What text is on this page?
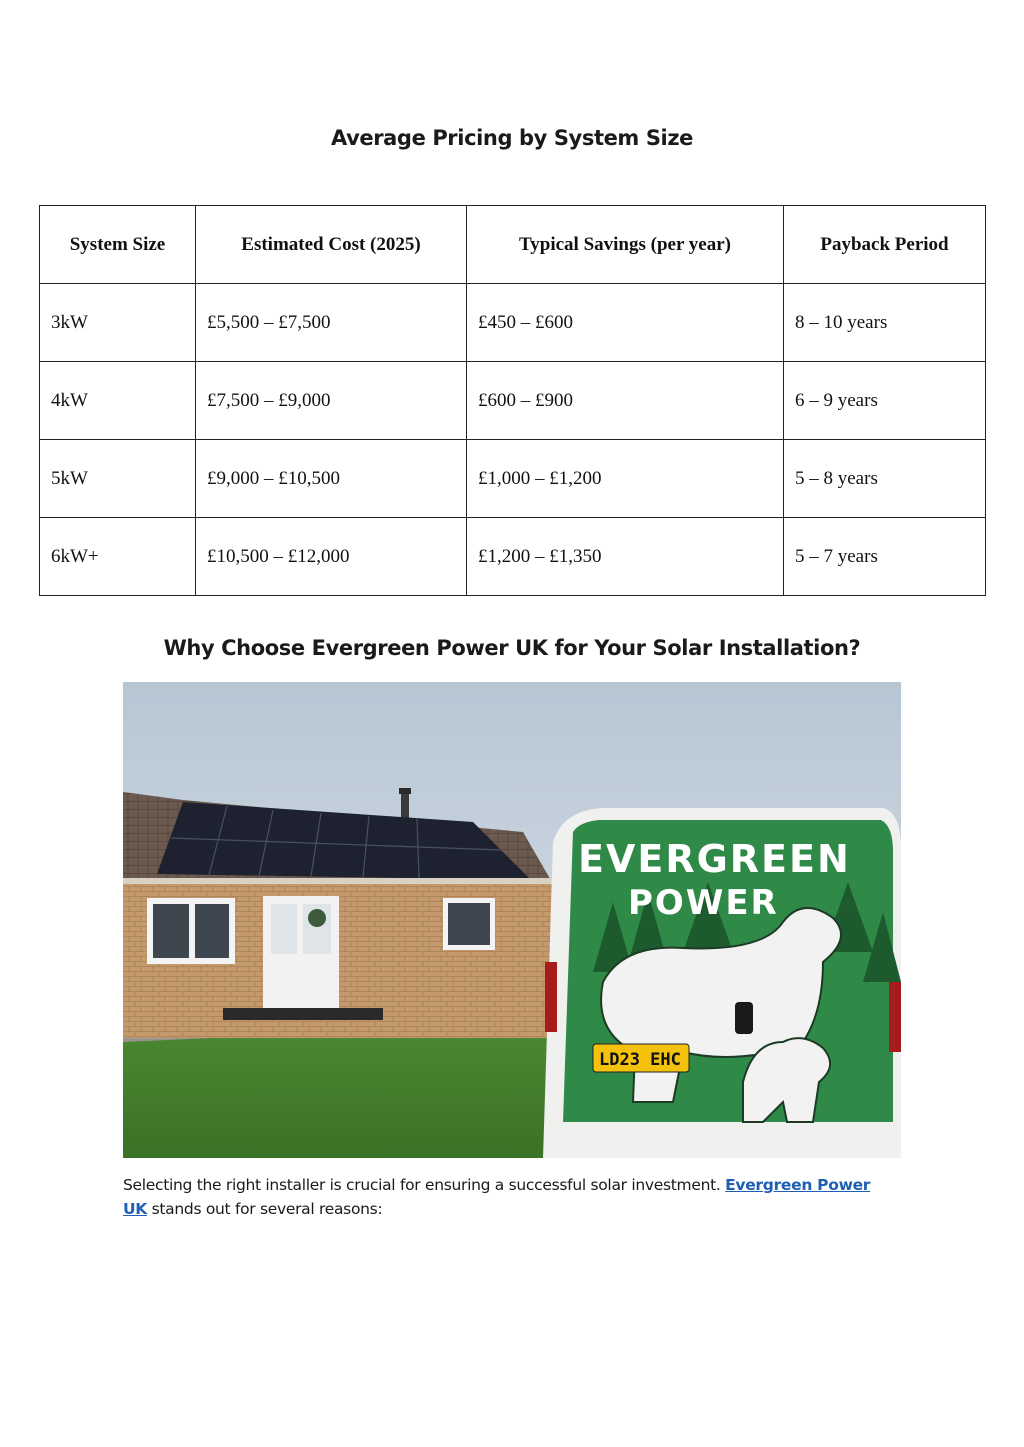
Average Pricing by System Size
System Size	Estimated Cost (2025)	Typical Savings (per year)	Payback Period
3kW	£5,500 – £7,500	£450 – £600	8 – 10 years
4kW	£7,500 – £9,000	£600 – £900	6 – 9 years
5kW	£9,000 – £10,500	£1,000 – £1,200	5 – 8 years
6kW+	£10,500 – £12,000	£1,200 – £1,350	5 – 7 years
Why Choose Evergreen Power UK for Your Solar Installation?
EVERGREEN
POWER
LD23 EHC
Selecting the right installer is crucial for ensuring a successful solar investment. Evergreen Power UK stands out for several reasons:
